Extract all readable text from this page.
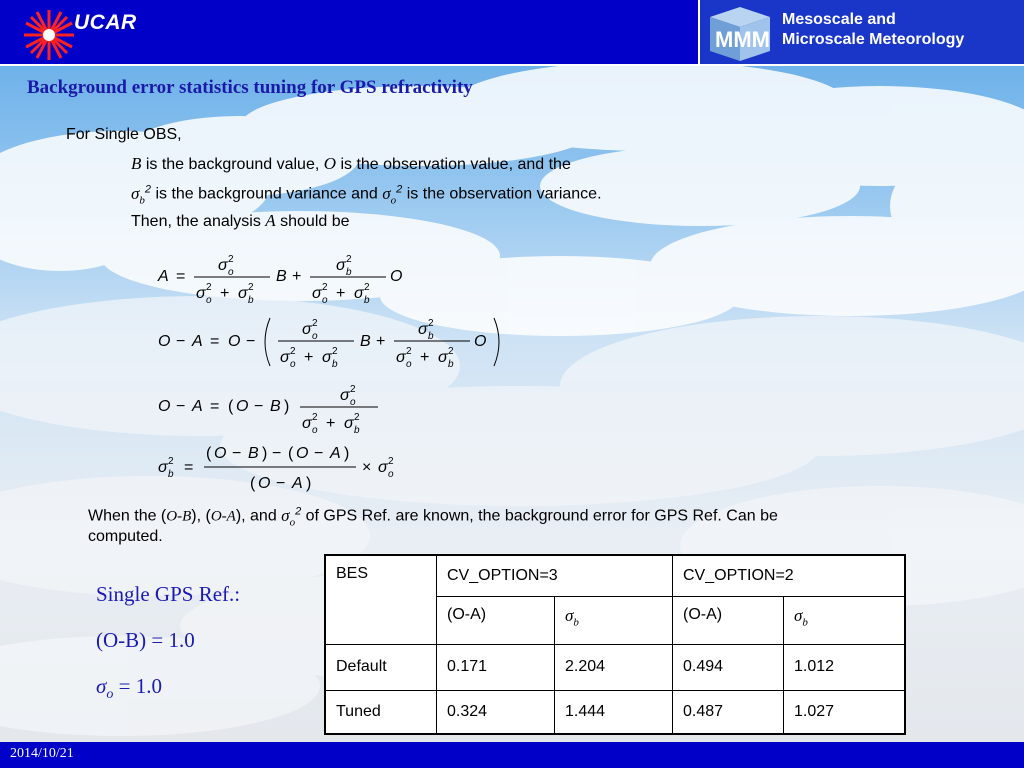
UCAR
MMM
Mesoscale and
Microscale Meteorology
Background error statistics tuning for GPS refractivity
For Single OBS,
B is the background value, O is the observation value, and the
$\sigma_b^2$ is the background variance and $\sigma_o^2$ is the observation variance.
Then, the analysis A should be
A =
σ 2
o
σ 2
o + σ 2
b
B +
σ 2
b
σ 2
o + σ 2
b
O
O − A = O −
σ 2
o
σ 2
o + σ 2
b
B +
σ 2
b
σ 2
o + σ 2
b
O
O − A = ( O − B )
σ 2
o
σ 2
o + σ 2
b
σ 2
b =
( O − B ) − ( O − A )
( O − A )
× σ 2
o
When the (O-B), (O-A), and $\sigma_o^2$ of GPS Ref. are known, the background error for GPS Ref. Can be
computed.
Single GPS Ref.:
(O-B) = 1.0
$\sigma_o = 1.0$
BES	CV_OPTION=3		CV_OPTION=2	
	(O-A)	$\sigma_b$	(O-A)	$\sigma_b$
Default	0.171	2.204	0.494	1.012
Tuned	0.324	1.444	0.487	1.027
2014/10/21
